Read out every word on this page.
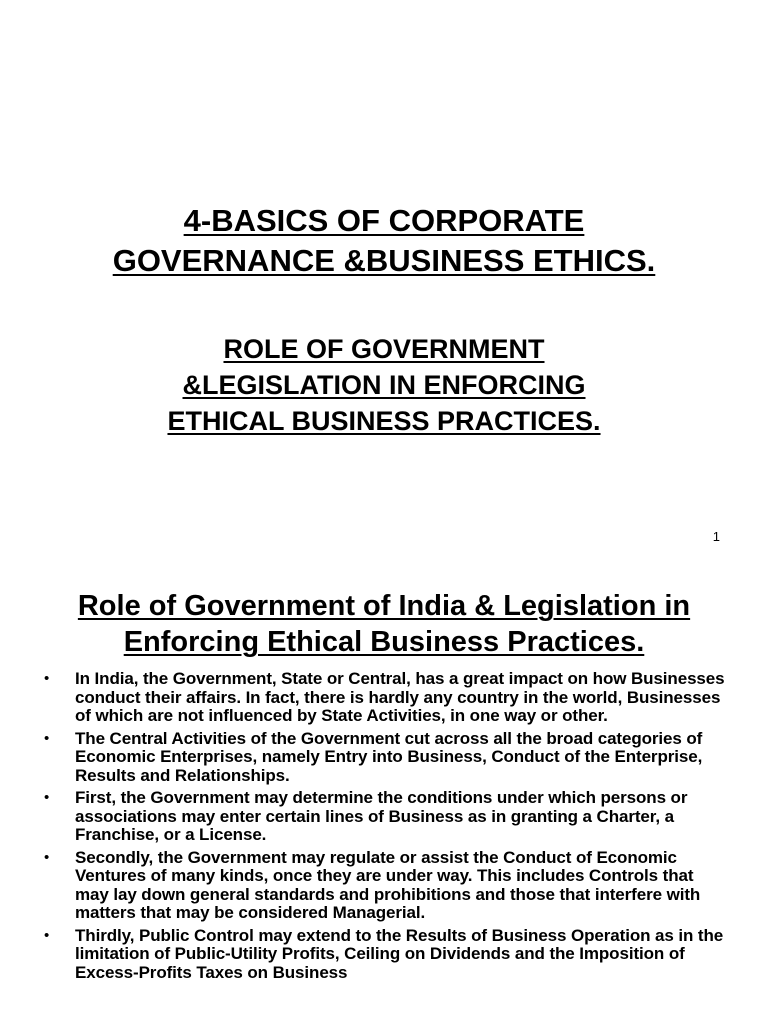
4-BASICS OF CORPORATE
GOVERNANCE &BUSINESS ETHICS.
ROLE OF GOVERNMENT
&LEGISLATION IN ENFORCING
ETHICAL BUSINESS PRACTICES.
1
Role of Government of India & Legislation in
Enforcing Ethical Business Practices.
• In India, the Government, State or Central, has a great impact on how Businesses conduct their affairs. In fact, there is hardly any country in the world, Businesses of which are not influenced by State Activities, in one way or other.
• The Central Activities of the Government cut across all the broad categories of Economic Enterprises, namely Entry into Business, Conduct of the Enterprise, Results and Relationships.
• First, the Government may determine the conditions under which persons or associations may enter certain lines of Business as in granting a Charter, a Franchise, or a License.
• Secondly, the Government may regulate or assist the Conduct of Economic Ventures of many kinds, once they are under way. This includes Controls that may lay down general standards and prohibitions and those that interfere with matters that may be considered Managerial.
• Thirdly, Public Control may extend to the Results of Business Operation as in the limitation of Public-Utility Profits, Ceiling on Dividends and the Imposition of Excess-Profits Taxes on Business
